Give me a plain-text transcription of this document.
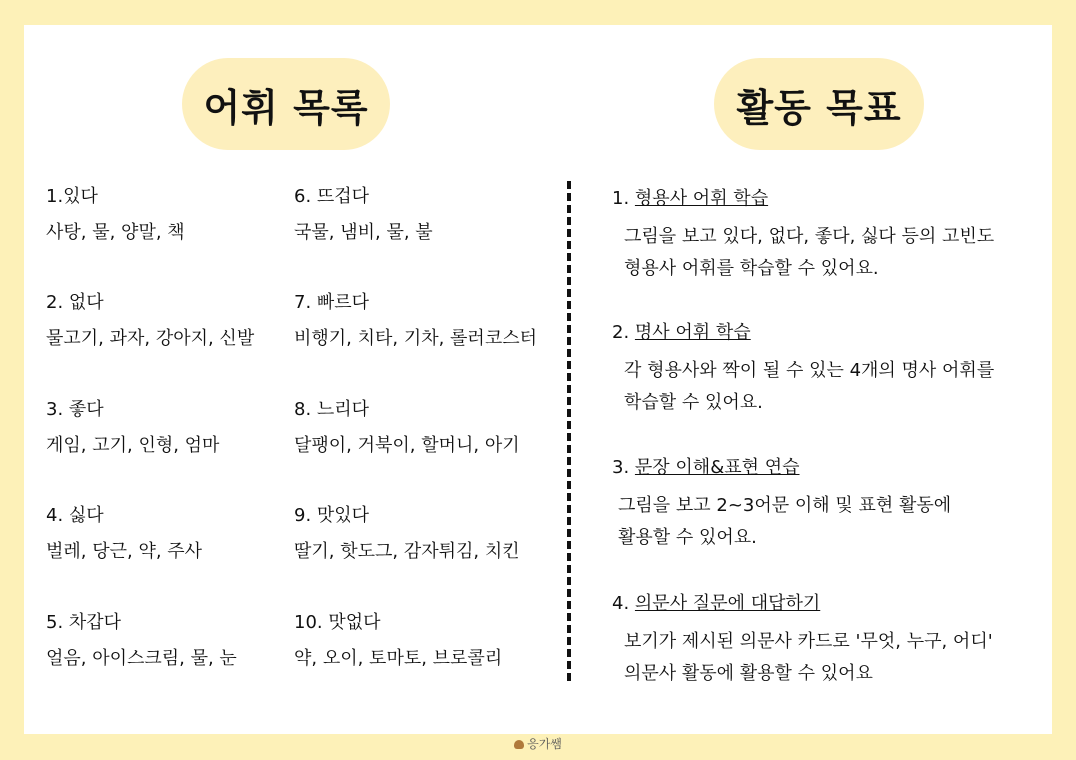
어휘 목록	활동 목표
1.있다
사탕, 물, 양말, 책
2. 없다
물고기, 과자, 강아지, 신발
3. 좋다
게임, 고기, 인형, 엄마
4. 싫다
벌레, 당근, 약, 주사
5. 차갑다
얼음, 아이스크림, 물, 눈
6. 뜨겁다
국물, 냄비, 물, 불
7. 빠르다
비행기, 치타, 기차, 롤러코스터
8. 느리다
달팽이, 거북이, 할머니, 아기
9. 맛있다
딸기, 핫도그, 감자튀김, 치킨
10. 맛없다
약, 오이, 토마토, 브로콜리
1. 형용사 어휘 학습
그림을 보고 있다, 없다, 좋다, 싫다 등의 고빈도
형용사 어휘를 학습할 수 있어요.
2. 명사 어휘 학습
각 형용사와 짝이 될 수 있는 4개의 명사 어휘를
학습할 수 있어요.
3. 문장 이해&표현 연습
그림을 보고 2~3어문 이해 및 표현 활동에
활용할 수 있어요.
4. 의문사 질문에 대답하기
보기가 제시된 의문사 카드로 '무엇, 누구, 어디'
의문사 활동에 활용할 수 있어요
응가쌤
